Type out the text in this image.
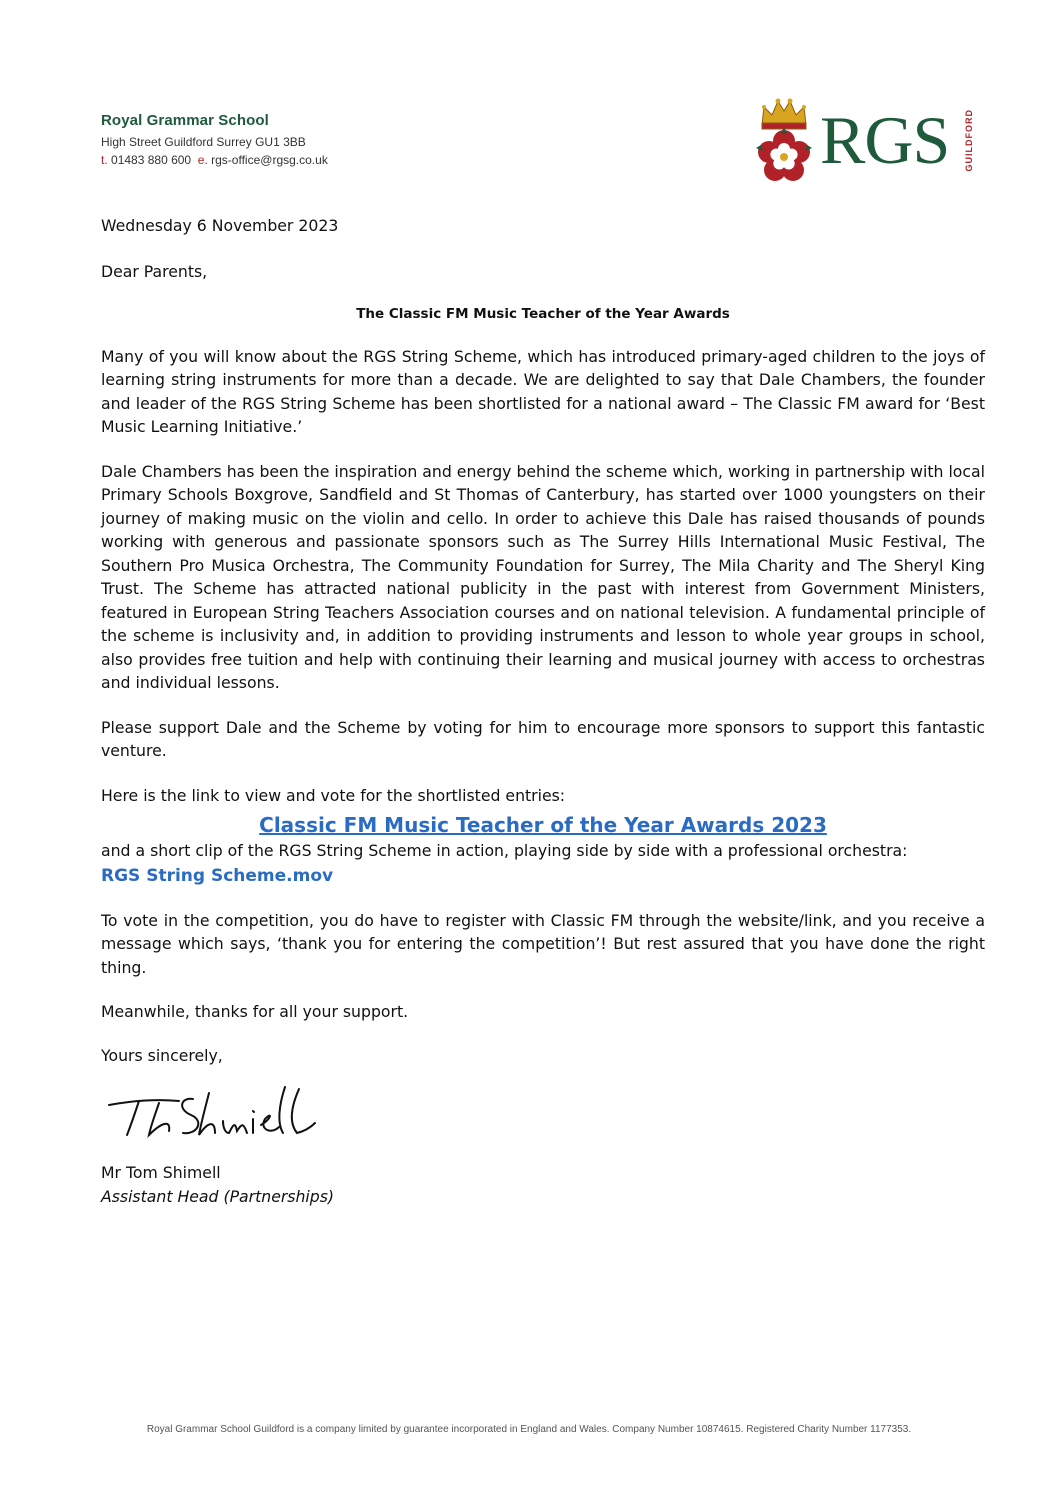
Royal Grammar School

High Street Guildford Surrey GU1 3BB

t. 01483 880 600 e. rgs-office@rgsg.co.uk	RGS GUILDFORD

Wednesday 6 November 2023

Dear Parents,

The Classic FM Music Teacher of the Year Awards

Many of you will know about the RGS String Scheme, which has introduced primary-aged children to the joys of learning string instruments for more than a decade. We are delighted to say that Dale Chambers, the founder and leader of the RGS String Scheme has been shortlisted for a national award – The Classic FM award for ‘Best Music Learning Initiative.’

Dale Chambers has been the inspiration and energy behind the scheme which, working in partnership with local Primary Schools Boxgrove, Sandfield and St Thomas of Canterbury, has started over 1000 youngsters on their journey of making music on the violin and cello. In order to achieve this Dale has raised thousands of pounds working with generous and passionate sponsors such as The Surrey Hills International Music Festival, The Southern Pro Musica Orchestra, The Community Foundation for Surrey, The Mila Charity and The Sheryl King Trust. The Scheme has attracted national publicity in the past with interest from Government Ministers, featured in European String Teachers Association courses and on national television. A fundamental principle of the scheme is inclusivity and, in addition to providing instruments and lesson to whole year groups in school, also provides free tuition and help with continuing their learning and musical journey with access to orchestras and individual lessons.

Please support Dale and the Scheme by voting for him to encourage more sponsors to support this fantastic venture.

Here is the link to view and vote for the shortlisted entries:

Classic FM Music Teacher of the Year Awards 2023

and a short clip of the RGS String Scheme in action, playing side by side with a professional orchestra:

RGS String Scheme.mov

To vote in the competition, you do have to register with Classic FM through the website/link, and you receive a message which says, ‘thank you for entering the competition’! But rest assured that you have done the right thing.

Meanwhile, thanks for all your support.

Yours sincerely,

Mr Tom Shimell

Assistant Head (Partnerships)

Royal Grammar School Guildford is a company limited by guarantee incorporated in England and Wales. Company Number 10874615. Registered Charity Number 1177353.
